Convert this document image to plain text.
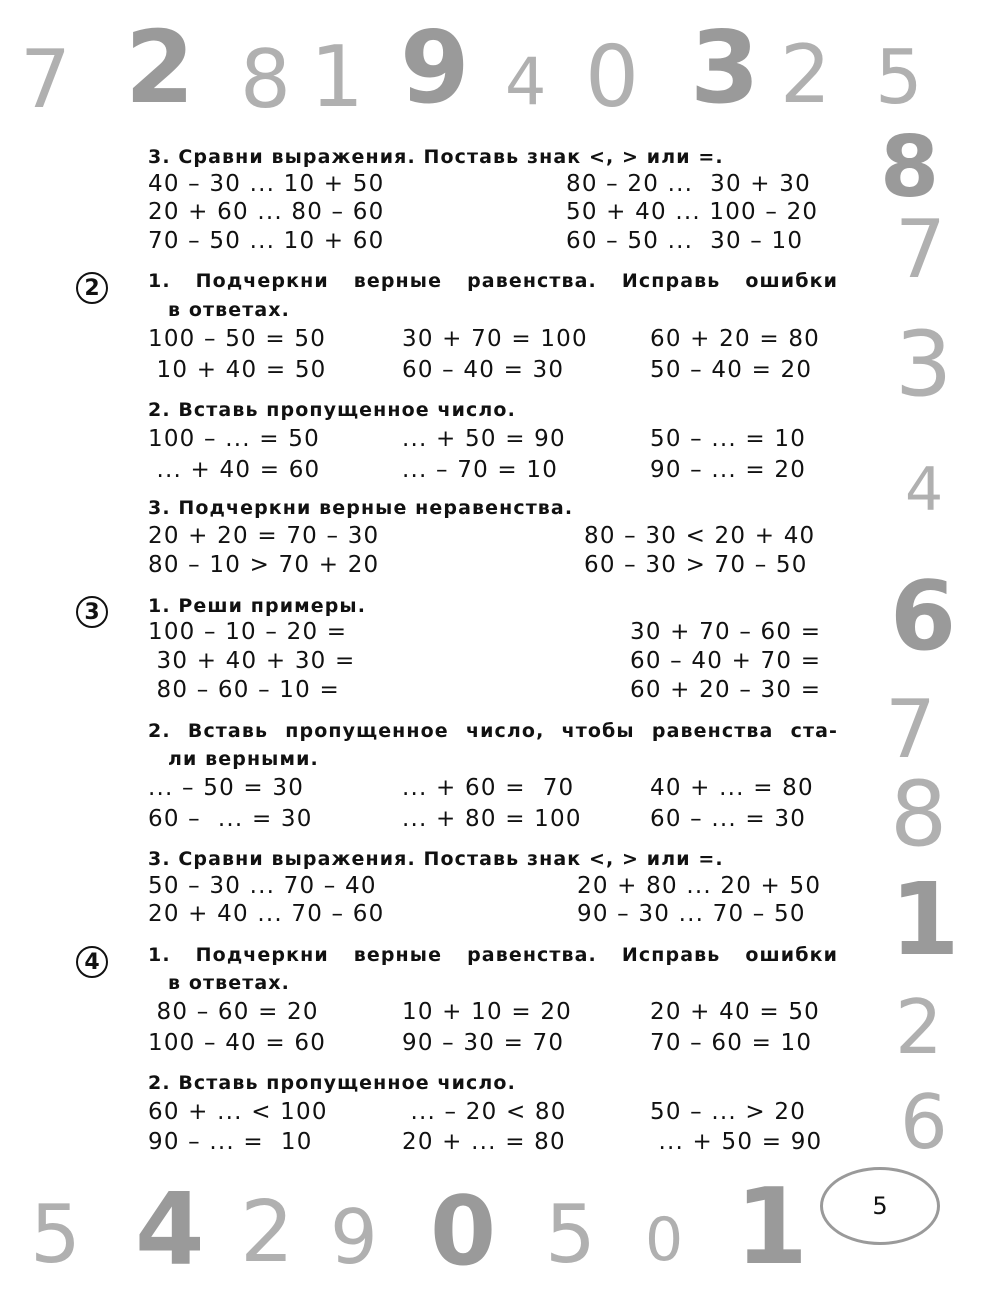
7 2 8 1 9 4 0 3 2 5
8
7
3
4
6
7
8
1
2
6
5 4 2 9 0 5 0 1	5
3. Сравни выражения. Поставь знак <, > или =.
40 – 30 ... 10 + 50	80 – 20 ...  30 + 30
20 + 60 ... 80 – 60	50 + 40 ... 100 – 20
70 – 50 ... 10 + 60	60 – 50 ...  30 – 10
2	1. Подчеркни верные равенства. Исправь ошибки
в ответах.
100 – 50 = 50	30 + 70 = 100	60 + 20 = 80
10 + 40 = 50	60 – 40 = 30	50 – 40 = 20
2. Вставь пропущенное число.
100 – ... = 50	... + 50 = 90	50 – ... = 10
... + 40 = 60	... – 70 = 10	90 – ... = 20
3. Подчеркни верные неравенства.
20 + 20 = 70 – 30	80 – 30 < 20 + 40
80 – 10 > 70 + 20	60 – 30 > 70 – 50
3	1. Реши примеры.
100 – 10 – 20 =	30 + 70 – 60 =
30 + 40 + 30 =	60 – 40 + 70 =
80 – 60 – 10 =	60 + 20 – 30 =
2. Вставь пропущенное число, чтобы равенства ста-
ли верными.
... – 50 = 30	... + 60 =  70	40 + ... = 80
60 –  ... = 30	... + 80 = 100	60 – ... = 30
3. Сравни выражения. Поставь знак <, > или =.
50 – 30 ... 70 – 40	20 + 80 ... 20 + 50
20 + 40 ... 70 – 60	90 – 30 ... 70 – 50
4	1. Подчеркни верные равенства. Исправь ошибки
в ответах.
80 – 60 = 20	10 + 10 = 20	20 + 40 = 50
100 – 40 = 60	90 – 30 = 70	70 – 60 = 10
2. Вставь пропущенное число.
60 + ... < 100	... – 20 < 80	50 – ... > 20
90 – ... =  10	20 + ... = 80	... + 50 = 90
